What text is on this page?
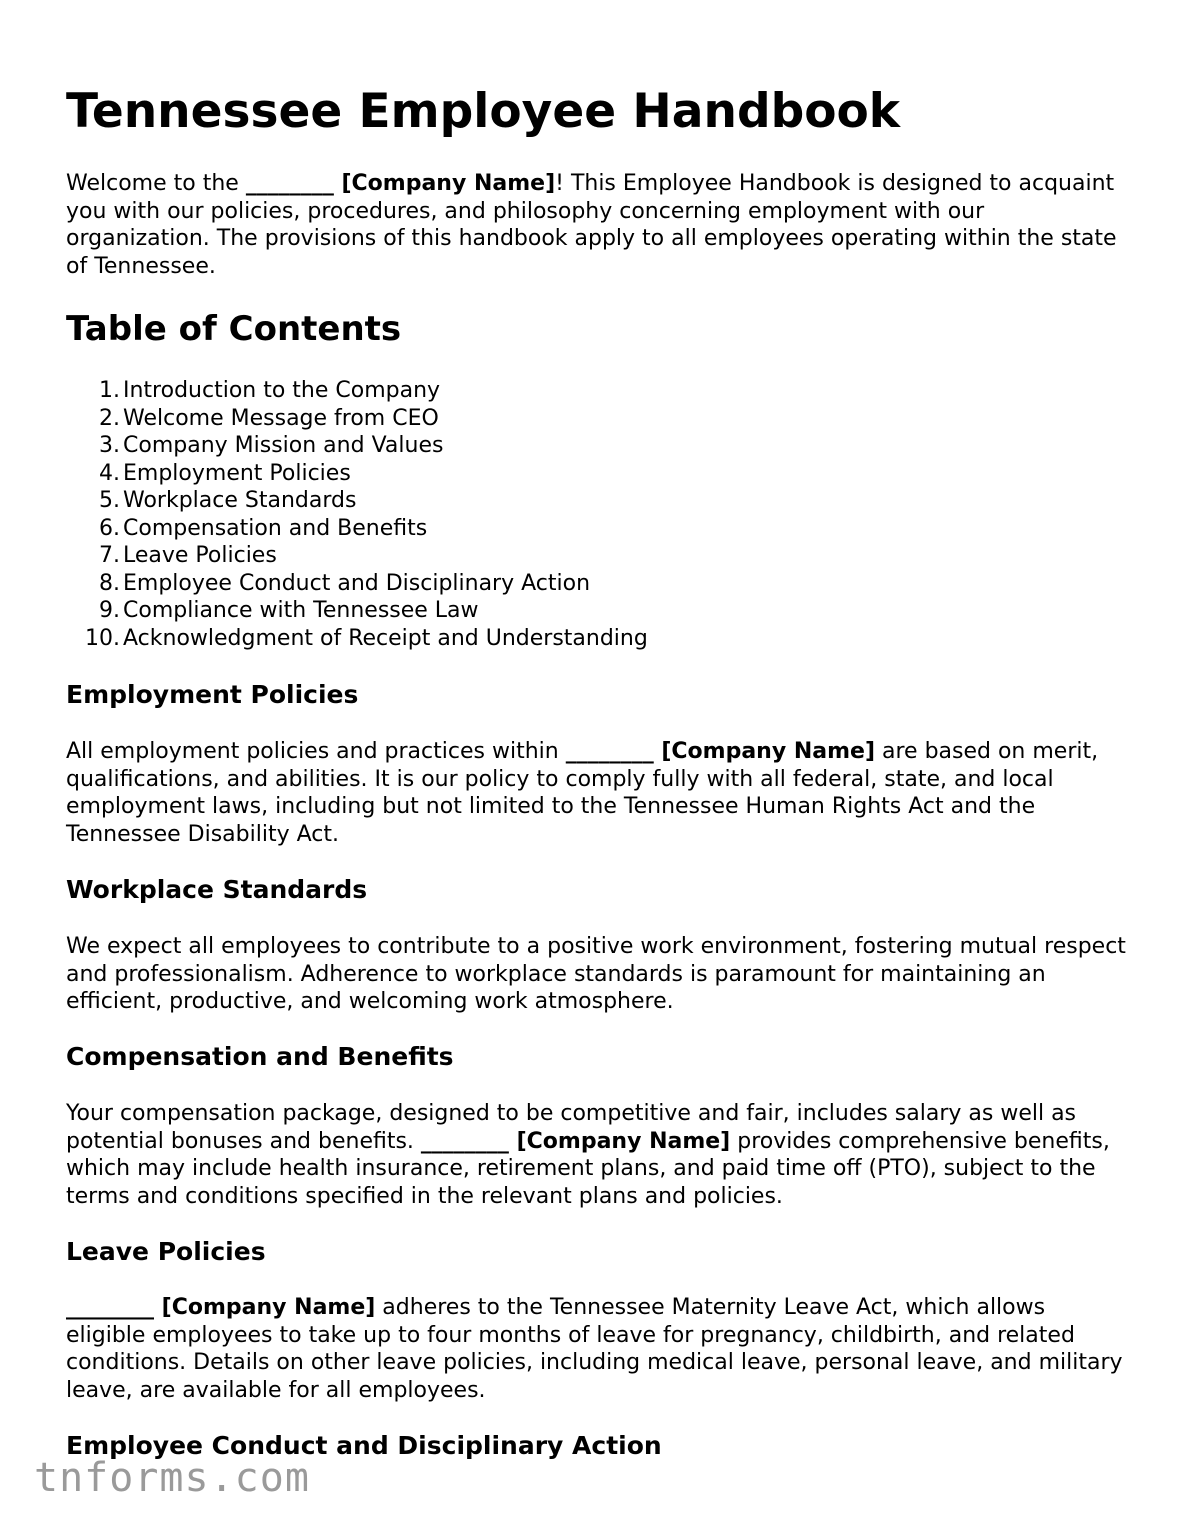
Tennessee Employee Handbook

Welcome to the ________ [Company Name]! This Employee Handbook is designed to acquaint you with our policies, procedures, and philosophy concerning employment with our organization. The provisions of this handbook apply to all employees operating within the state of Tennessee.

Table of Contents
1. Introduction to the Company
2. Welcome Message from CEO
3. Company Mission and Values
4. Employment Policies
5. Workplace Standards
6. Compensation and Benefits
7. Leave Policies
8. Employee Conduct and Disciplinary Action
9. Compliance with Tennessee Law
10. Acknowledgment of Receipt and Understanding
Employment Policies

All employment policies and practices within ________ [Company Name] are based on merit, qualifications, and abilities. It is our policy to comply fully with all federal, state, and local employment laws, including but not limited to the Tennessee Human Rights Act and the Tennessee Disability Act.

Workplace Standards

We expect all employees to contribute to a positive work environment, fostering mutual respect and professionalism. Adherence to workplace standards is paramount for maintaining an efficient, productive, and welcoming work atmosphere.

Compensation and Benefits

Your compensation package, designed to be competitive and fair, includes salary as well as potential bonuses and benefits. ________ [Company Name] provides comprehensive benefits, which may include health insurance, retirement plans, and paid time off (PTO), subject to the terms and conditions specified in the relevant plans and policies.

Leave Policies

________ [Company Name] adheres to the Tennessee Maternity Leave Act, which allows eligible employees to take up to four months of leave for pregnancy, childbirth, and related conditions. Details on other leave policies, including medical leave, personal leave, and military leave, are available for all employees.

Employee Conduct and Disciplinary Action
tnforms.com
